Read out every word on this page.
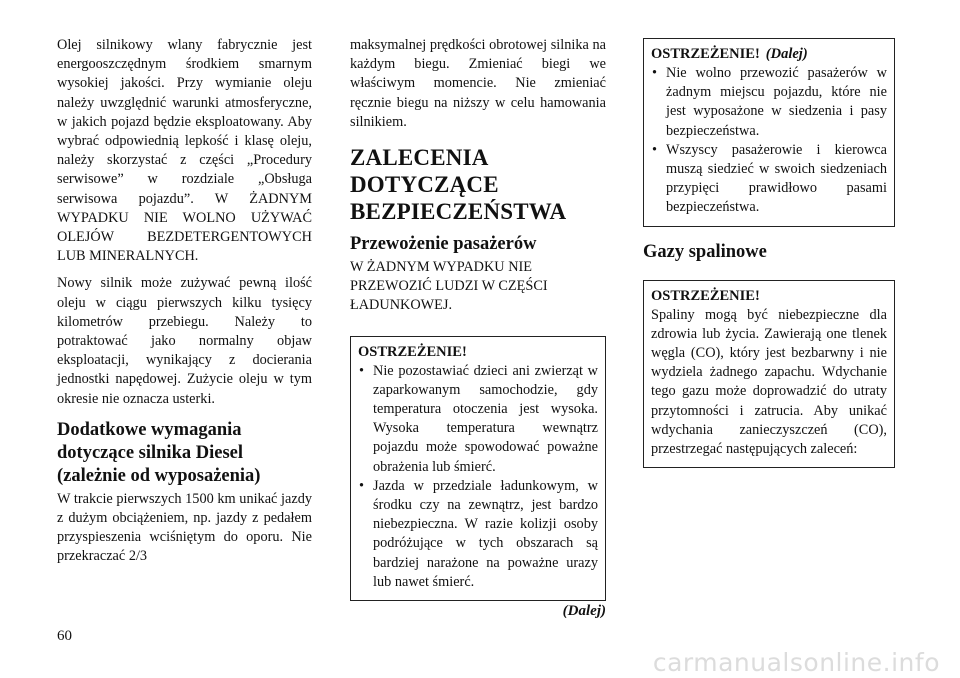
Olej silnikowy wlany fabrycznie jest energooszczędnym środkiem smarnym wysokiej jakości. Przy wymianie oleju należy uwzględnić warunki atmosferyczne, w jakich pojazd będzie eksploatowany. Aby wybrać odpowiednią lepkość i klasę oleju, należy skorzystać z części „Procedury serwisowe” w rozdziale „Obsługa serwisowa pojazdu”. W ŻADNYM WYPADKU NIE WOLNO UŻYWAĆ OLEJÓW BEZDETERGENTOWYCH LUB MINERALNYCH.

Nowy silnik może zużywać pewną ilość oleju w ciągu pierwszych kilku tysięcy kilometrów przebiegu. Należy to potraktować jako normalny objaw eksploatacji, wynikający z docierania jednostki napędowej. Zużycie oleju w tym okresie nie oznacza usterki.

Dodatkowe wymagania dotyczące silnika Diesel (zależnie od wyposażenia)

W trakcie pierwszych 1500 km unikać jazdy z dużym obciążeniem, np. jazdy z pedałem przyspieszenia wciśniętym do oporu. Nie przekraczać 2/3

maksymalnej prędkości obrotowej silnika na każdym biegu. Zmieniać biegi we właściwym momencie. Nie zmieniać ręcznie biegu na niższy w celu hamowania silnikiem.

ZALECENIA DOTYCZĄCE BEZPIECZEŃSTWA
Przewożenie pasażerów

W ŻADNYM WYPADKU NIE PRZEWOZIĆ LUDZI W CZĘŚCI ŁADUNKOWEJ.

OSTRZEŻENIE!
• Nie pozostawiać dzieci ani zwierząt w zaparkowanym samochodzie, gdy temperatura otoczenia jest wysoka. Wysoka temperatura wewnątrz pojazdu może spowodować poważne obrażenia lub śmierć.
• Jazda w przedziale ładunkowym, w środku czy na zewnątrz, jest bardzo niebezpieczna. W razie kolizji osoby podróżujące w tych obszarach są bardziej narażone na poważne urazy lub nawet śmierć.
(Dalej)
OSTRZEŻENIE! (Dalej)
• Nie wolno przewozić pasażerów w żadnym miejscu pojazdu, które nie jest wyposażone w siedzenia i pasy bezpieczeństwa.
• Wszyscy pasażerowie i kierowca muszą siedzieć w swoich siedzeniach przypięci prawidłowo pasami bezpieczeństwa.
Gazy spalinowe
OSTRZEŻENIE!

Spaliny mogą być niebezpieczne dla zdrowia lub życia. Zawierają one tlenek węgla (CO), który jest bezbarwny i nie wydziela żadnego zapachu. Wdychanie tego gazu może doprowadzić do utraty przytomności i zatrucia. Aby unikać wdychania zanieczyszczeń (CO), przestrzegać następujących zaleceń:

60
carmanualsonline.info
